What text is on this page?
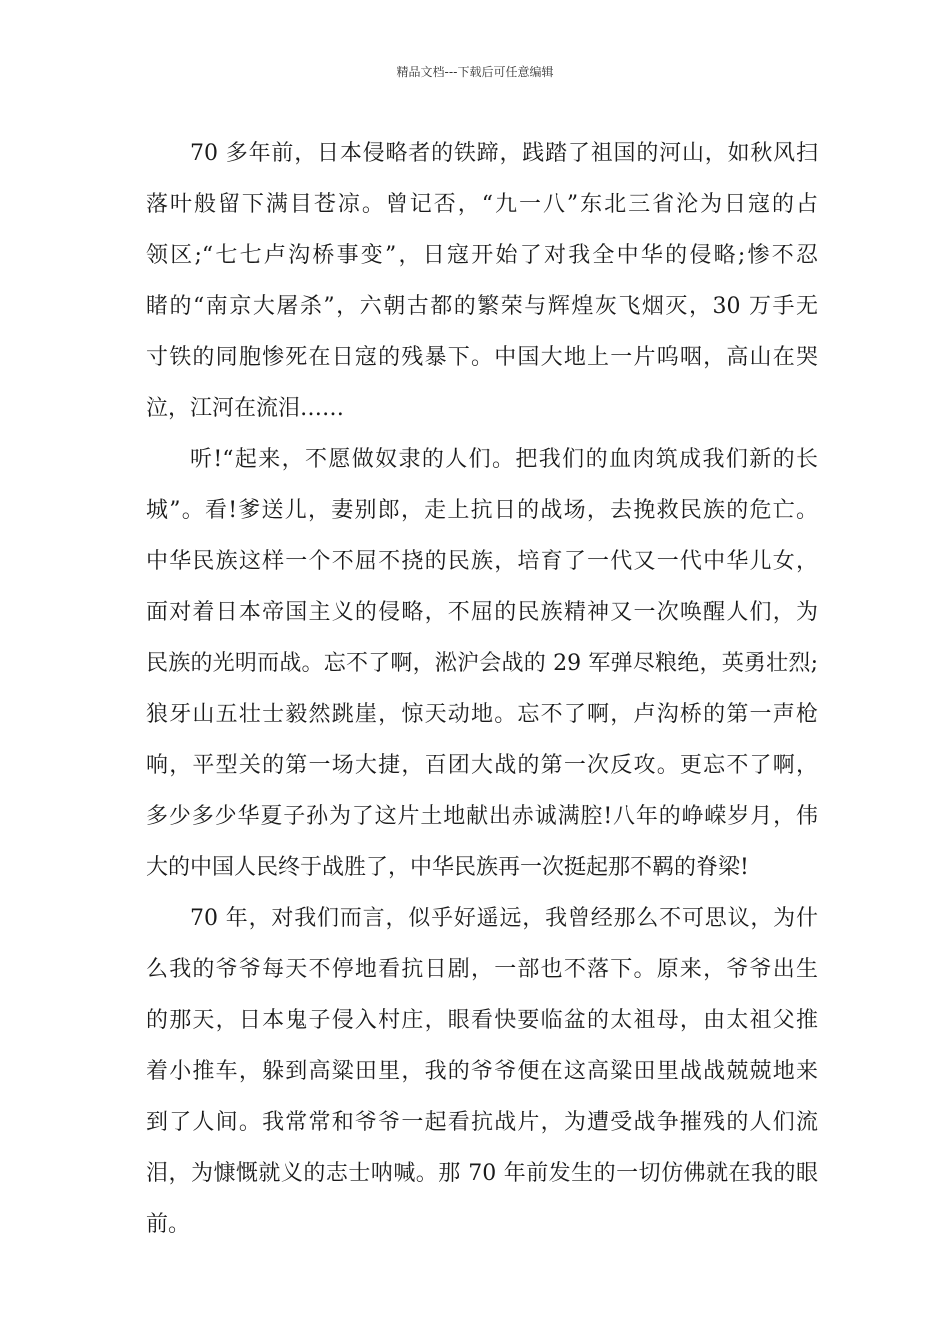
精品文档---下载后可任意编辑
70 多年前，日本侵略者的铁蹄，践踏了祖国的河山，如秋风扫
落叶般留下满目苍凉。曾记否，“九一八”东北三省沦为日寇的占
领区;“七七卢沟桥事变”，日寇开始了对我全中华的侵略;惨不忍
睹的“南京大屠杀”，六朝古都的繁荣与辉煌灰飞烟灭，30 万手无
寸铁的同胞惨死在日寇的残暴下。中国大地上一片呜咽，高山在哭
泣，江河在流泪……
听!“起来，不愿做奴隶的人们。把我们的血肉筑成我们新的长
城”。看!爹送儿，妻别郎，走上抗日的战场，去挽救民族的危亡。
中华民族这样一个不屈不挠的民族，培育了一代又一代中华儿女，
面对着日本帝国主义的侵略，不屈的民族精神又一次唤醒人们，为
民族的光明而战。忘不了啊，淞沪会战的 29 军弹尽粮绝，英勇壮烈;
狼牙山五壮士毅然跳崖，惊天动地。忘不了啊，卢沟桥的第一声枪
响，平型关的第一场大捷，百团大战的第一次反攻。更忘不了啊，
多少多少华夏子孙为了这片土地献出赤诚满腔!八年的峥嵘岁月，伟
大的中国人民终于战胜了，中华民族再一次挺起那不羁的脊梁!
70 年，对我们而言，似乎好遥远，我曾经那么不可思议，为什
么我的爷爷每天不停地看抗日剧，一部也不落下。原来，爷爷出生
的那天，日本鬼子侵入村庄，眼看快要临盆的太祖母，由太祖父推
着小推车，躲到高粱田里，我的爷爷便在这高粱田里战战兢兢地来
到了人间。我常常和爷爷一起看抗战片，为遭受战争摧残的人们流
泪，为慷慨就义的志士呐喊。那 70 年前发生的一切仿佛就在我的眼
前。
